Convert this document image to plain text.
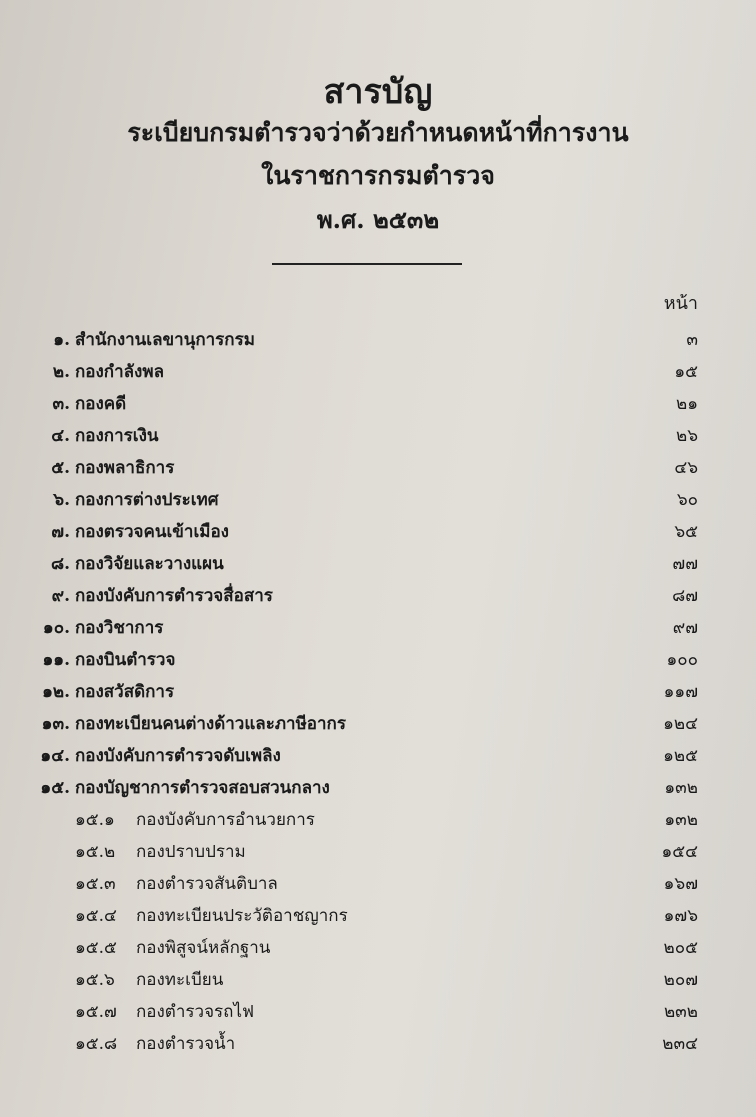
สารบัญ
ระเบียบกรมตำรวจว่าด้วยกำหนดหน้าที่การงาน
ในราชการกรมตำรวจ
พ.ศ. ๒๕๓๒
หน้า
๑. สำนักงานเลขานุการกรม	๓
๒. กองกำลังพล	๑๕
๓. กองคดี	๒๑
๔. กองการเงิน	๒๖
๕. กองพลาธิการ	๔๖
๖. กองการต่างประเทศ	๖๐
๗. กองตรวจคนเข้าเมือง	๖๕
๘. กองวิจัยและวางแผน	๗๗
๙. กองบังคับการตำรวจสื่อสาร	๘๗
๑๐. กองวิชาการ	๙๗
๑๑. กองบินตำรวจ	๑๐๐
๑๒. กองสวัสดิการ	๑๑๗
๑๓. กองทะเบียนคนต่างด้าวและภาษีอากร	๑๒๔
๑๔. กองบังคับการตำรวจดับเพลิง	๑๒๕
๑๕. กองบัญชาการตำรวจสอบสวนกลาง	๑๓๒
๑๕.๑ กองบังคับการอำนวยการ	๑๓๒
๑๕.๒ กองปราบปราม	๑๕๔
๑๕.๓ กองตำรวจสันติบาล	๑๖๗
๑๕.๔ กองทะเบียนประวัติอาชญากร	๑๗๖
๑๕.๕ กองพิสูจน์หลักฐาน	๒๐๕
๑๕.๖ กองทะเบียน	๒๐๗
๑๕.๗ กองตำรวจรถไฟ	๒๓๒
๑๕.๘ กองตำรวจน้ำ	๒๓๔
